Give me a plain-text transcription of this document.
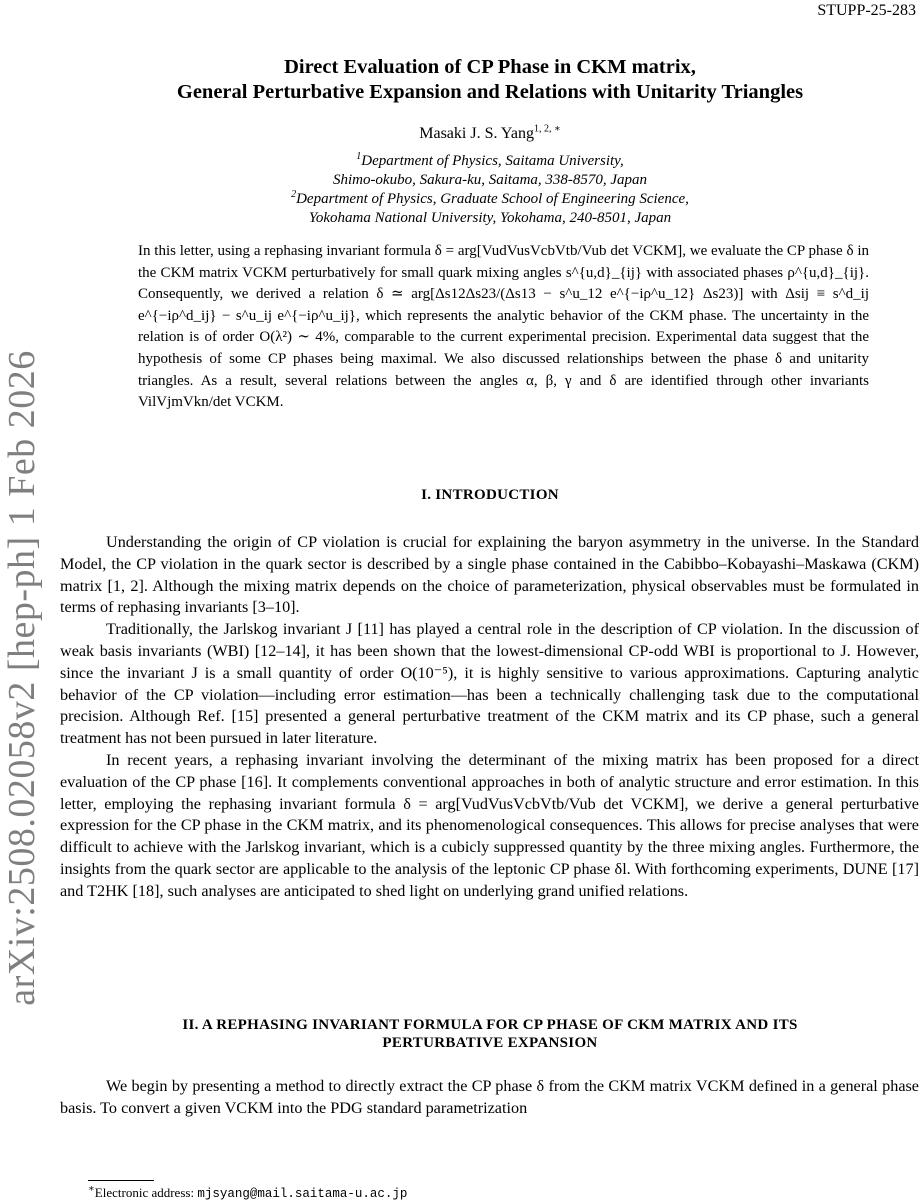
STUPP-25-283
arXiv:2508.02058v2 [hep-ph] 1 Feb 2026
Direct Evaluation of CP Phase in CKM matrix,
General Perturbative Expansion and Relations with Unitarity Triangles
Masaki J. S. Yang$^{1, 2, ∗}$
$^1$Department of Physics, Saitama University,
Shimo-okubo, Sakura-ku, Saitama, 338-8570, Japan
$^2$Department of Physics, Graduate School of Engineering Science,
Yokohama National University, Yokohama, 240-8501, Japan
In this letter, using a rephasing invariant formula δ = arg[VudVusVcbVtb/Vub det VCKM], we evaluate the CP phase δ in the CKM matrix VCKM perturbatively for small quark mixing angles s^{u,d}_{ij} with associated phases ρ^{u,d}_{ij}. Consequently, we derived a relation δ ≃ arg[Δs12Δs23/(Δs13 − s^u_12 e^{−iρ^u_12} Δs23)] with Δsij ≡ s^d_ij e^{−iρ^d_ij} − s^u_ij e^{−iρ^u_ij}, which represents the analytic behavior of the CKM phase. The uncertainty in the relation is of order O(λ²) ∼ 4%, comparable to the current experimental precision. Experimental data suggest that the hypothesis of some CP phases being maximal. We also discussed relationships between the phase δ and unitarity triangles. As a result, several relations between the angles α, β, γ and δ are identified through other invariants VilVjmVkn/det VCKM.
I. INTRODUCTION

Understanding the origin of CP violation is crucial for explaining the baryon asymmetry in the universe. In the Standard Model, the CP violation in the quark sector is described by a single phase contained in the Cabibbo–Kobayashi–Maskawa (CKM) matrix [1, 2]. Although the mixing matrix depends on the choice of parameterization, physical observables must be formulated in terms of rephasing invariants [3–10].

Traditionally, the Jarlskog invariant J [11] has played a central role in the description of CP violation. In the discussion of weak basis invariants (WBI) [12–14], it has been shown that the lowest-dimensional CP-odd WBI is proportional to J. However, since the invariant J is a small quantity of order O(10⁻⁵), it is highly sensitive to various approximations. Capturing analytic behavior of the CP violation—including error estimation—has been a technically challenging task due to the computational precision. Although Ref. [15] presented a general perturbative treatment of the CKM matrix and its CP phase, such a general treatment has not been pursued in later literature.

In recent years, a rephasing invariant involving the determinant of the mixing matrix has been proposed for a direct evaluation of the CP phase [16]. It complements conventional approaches in both of analytic structure and error estimation. In this letter, employing the rephasing invariant formula δ = arg[VudVusVcbVtb/Vub det VCKM], we derive a general perturbative expression for the CP phase in the CKM matrix, and its phenomenological consequences. This allows for precise analyses that were difficult to achieve with the Jarlskog invariant, which is a cubicly suppressed quantity by the three mixing angles. Furthermore, the insights from the quark sector are applicable to the analysis of the leptonic CP phase δl. With forthcoming experiments, DUNE [17] and T2HK [18], such analyses are anticipated to shed light on underlying grand unified relations.

II. A REPHASING INVARIANT FORMULA FOR CP PHASE OF CKM MATRIX AND ITS
PERTURBATIVE EXPANSION

We begin by presenting a method to directly extract the CP phase δ from the CKM matrix VCKM defined in a general phase basis. To convert a given VCKM into the PDG standard parametrization

∗Electronic address: mjsyang@mail.saitama-u.ac.jp
